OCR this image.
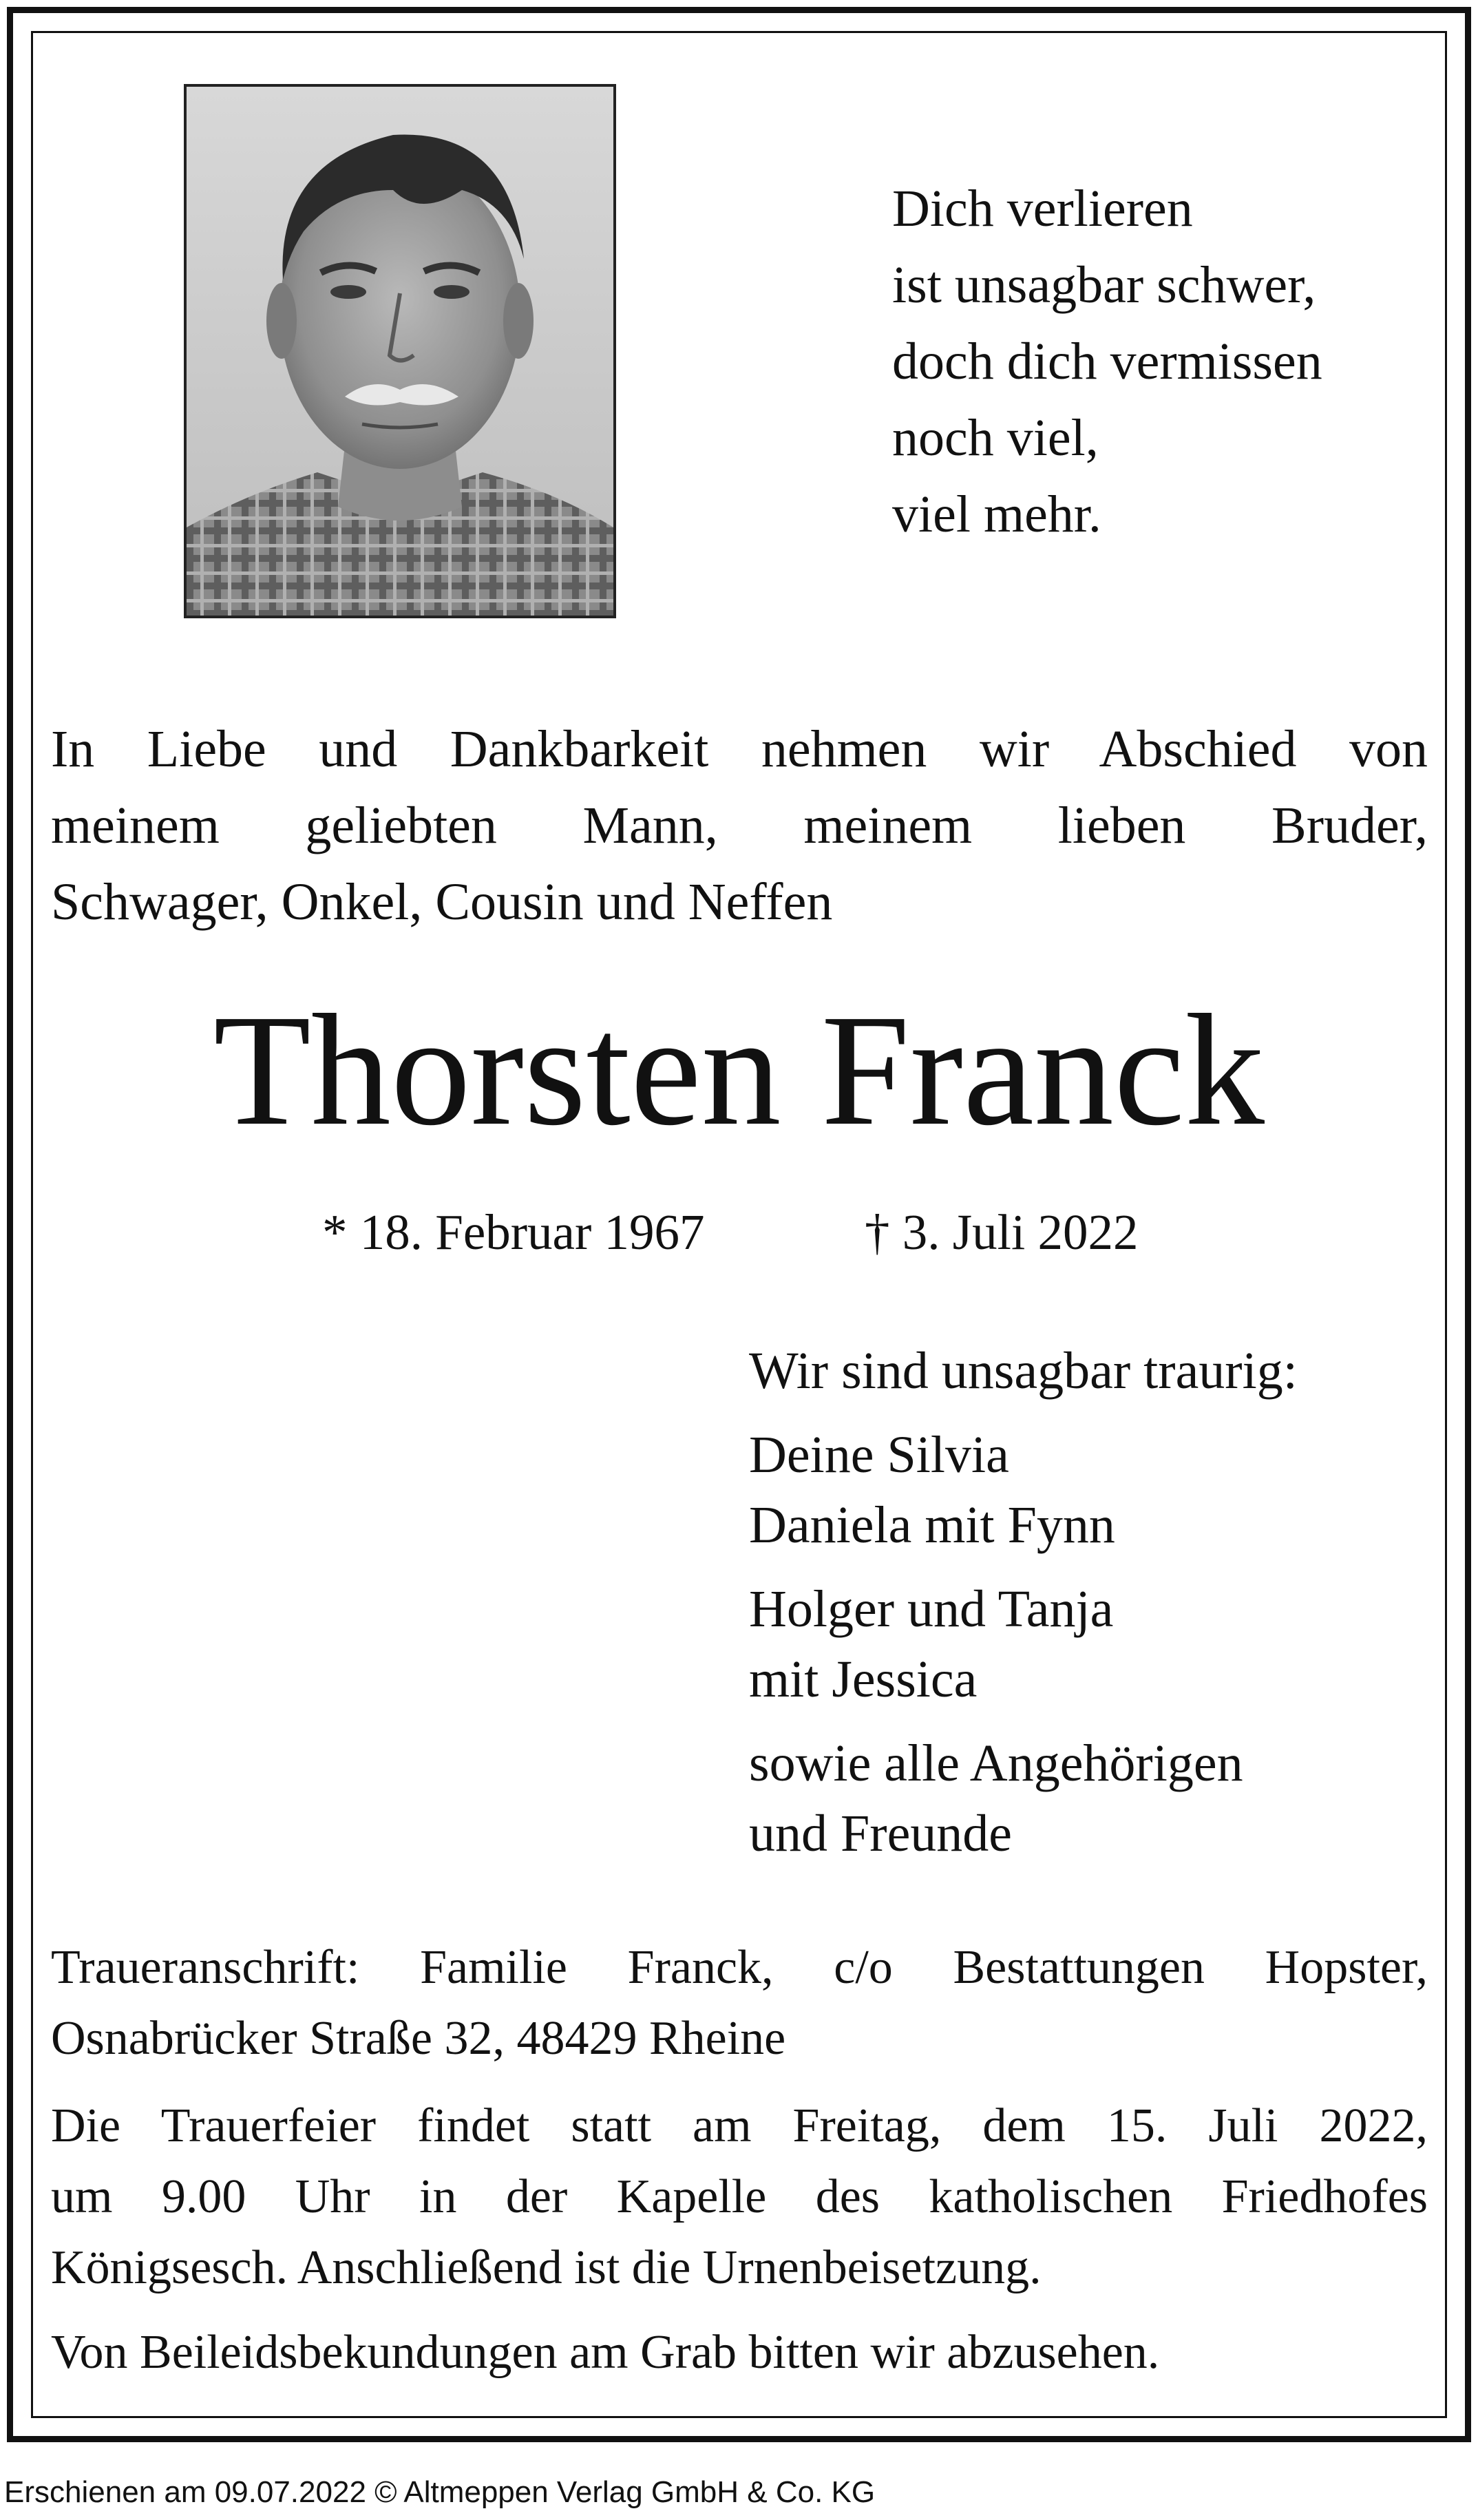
Dich verlieren
ist unsagbar schwer,
doch dich vermissen
noch viel,
viel mehr.
In Liebe und Dankbarkeit nehmen wir Abschied von
meinem geliebten Mann, meinem lieben Bruder,
Schwager, Onkel, Cousin und Neffen
Thorsten Franck
* 18. Februar 1967	† 3. Juli 2022
Wir sind unsagbar traurig:
Deine Silvia
Daniela mit Fynn
Holger und Tanja
mit Jessica
sowie alle Angehörigen
und Freunde
Traueranschrift: Familie Franck, c/o Bestattungen Hopster,
Osnabrücker Straße 32, 48429 Rheine
Die Trauerfeier findet statt am Freitag, dem 15. Juli 2022,
um 9.00 Uhr in der Kapelle des katholischen Friedhofes
Königsesch. Anschließend ist die Urnenbeisetzung.
Von Beileidsbekundungen am Grab bitten wir abzusehen.
Erschienen am 09.07.2022 © Altmeppen Verlag GmbH & Co. KG
